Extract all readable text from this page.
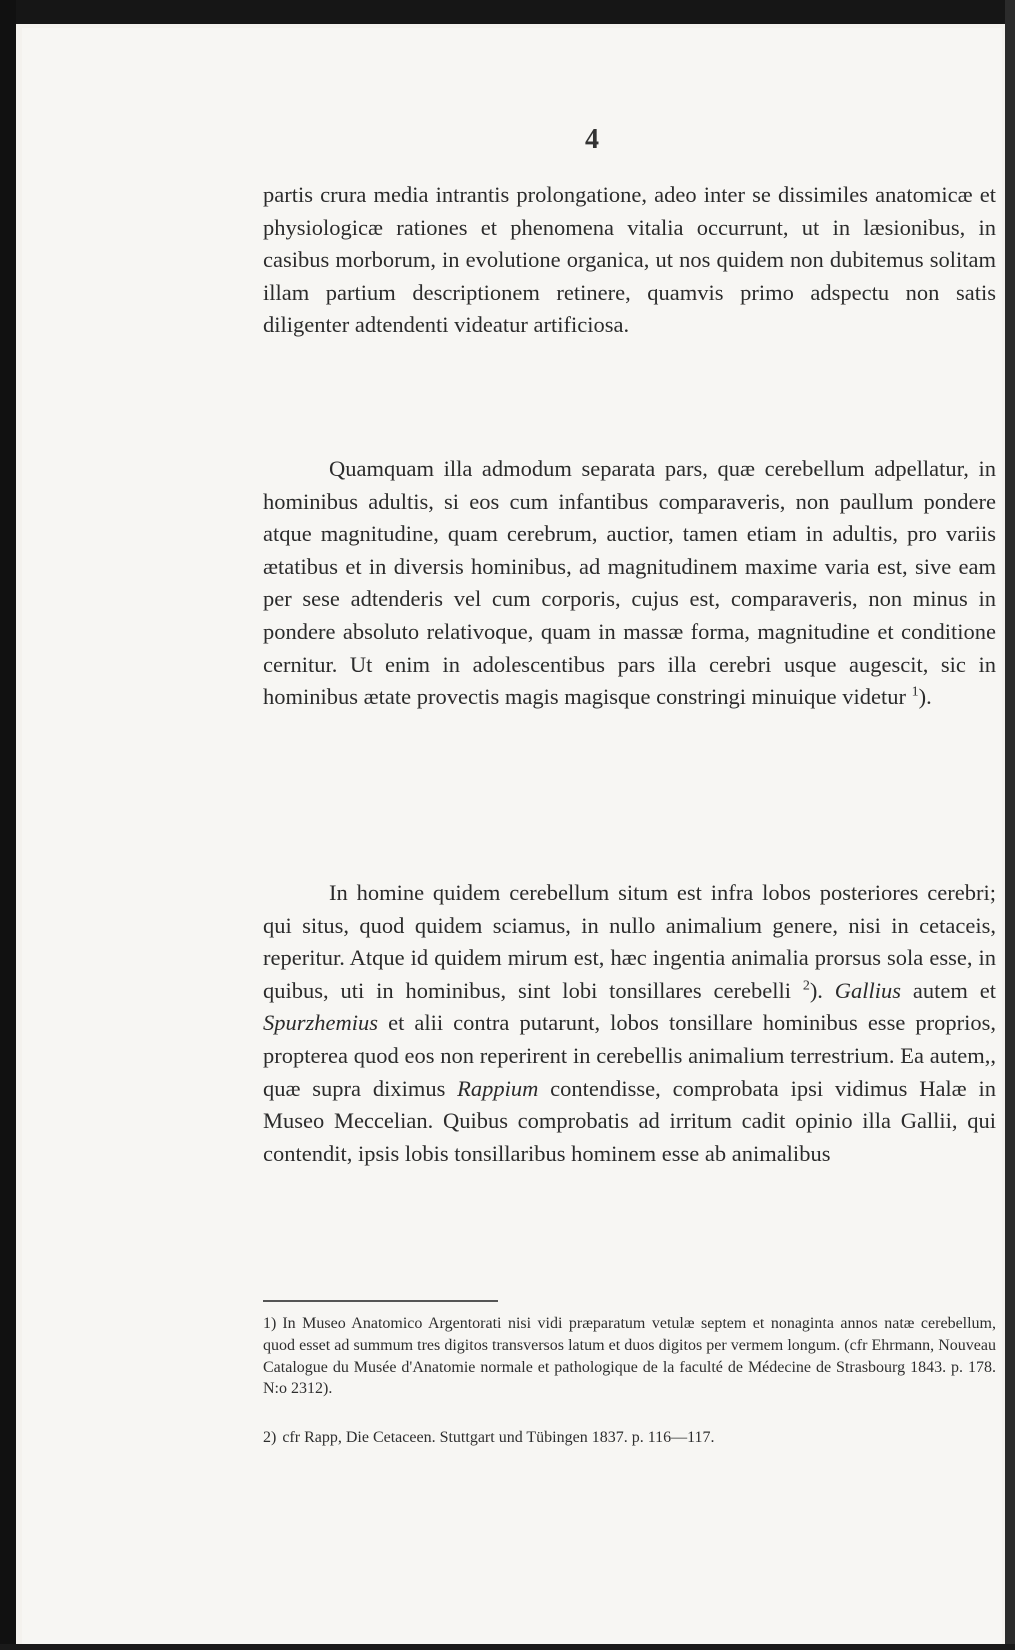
4

partis crura media intrantis prolongatione, adeo inter se dissimiles anatomicæ et physiologicæ rationes et phenomena vitalia occurrunt, ut in læsionibus, in casibus morborum, in evolutione organica, ut nos quidem non dubitemus solitam illam partium descriptionem retinere, quamvis primo adspectu non satis diligenter adtendenti videatur artificiosa.

Quamquam illa admodum separata pars, quæ cerebellum adpellatur, in hominibus adultis, si eos cum infantibus comparaveris, non paullum pondere atque magnitudine, quam cerebrum, auctior, tamen etiam in adultis, pro variis ætatibus et in diversis hominibus, ad magnitudinem maxime varia est, sive eam per sese adtenderis vel cum corporis, cujus est, comparaveris, non minus in pondere absoluto relativoque, quam in massæ forma, magnitudine et conditione cernitur. Ut enim in adolescentibus pars illa cerebri usque augescit, sic in hominibus ætate provectis magis magisque constringi minuique videtur $^1$).

In homine quidem cerebellum situm est infra lobos posteriores cerebri; qui situs, quod quidem sciamus, in nullo animalium genere, nisi in cetaceis, reperitur. Atque id quidem mirum est, hæc ingentia animalia prorsus sola esse, in quibus, uti in hominibus, sint lobi tonsillares cerebelli $^2$). Gallius autem et Spurzhemius et alii contra putarunt, lobos tonsillare hominibus esse proprios, propterea quod eos non reperirent in cerebellis animalium terrestrium. Ea autem,, quæ supra diximus Rappium contendisse, comprobata ipsi vidimus Halæ in Museo Meccelian. Quibus comprobatis ad irritum cadit opinio illa Gallii, qui contendit, ipsis lobis tonsillaribus hominem esse ab animalibus

1) In Museo Anatomico Argentorati nisi vidi præparatum vetulæ septem et nonaginta annos natæ cerebellum, quod esset ad summum tres digitos transversos latum et duos digitos per vermem longum. (cfr Ehrmann, Nouveau Catalogue du Musée d'Anatomie normale et pathologique de la faculté de Médecine de Strasbourg 1843. p. 178. N:o 2312).
2) cfr Rapp, Die Cetaceen. Stuttgart und Tübingen 1837. p. 116—117.
